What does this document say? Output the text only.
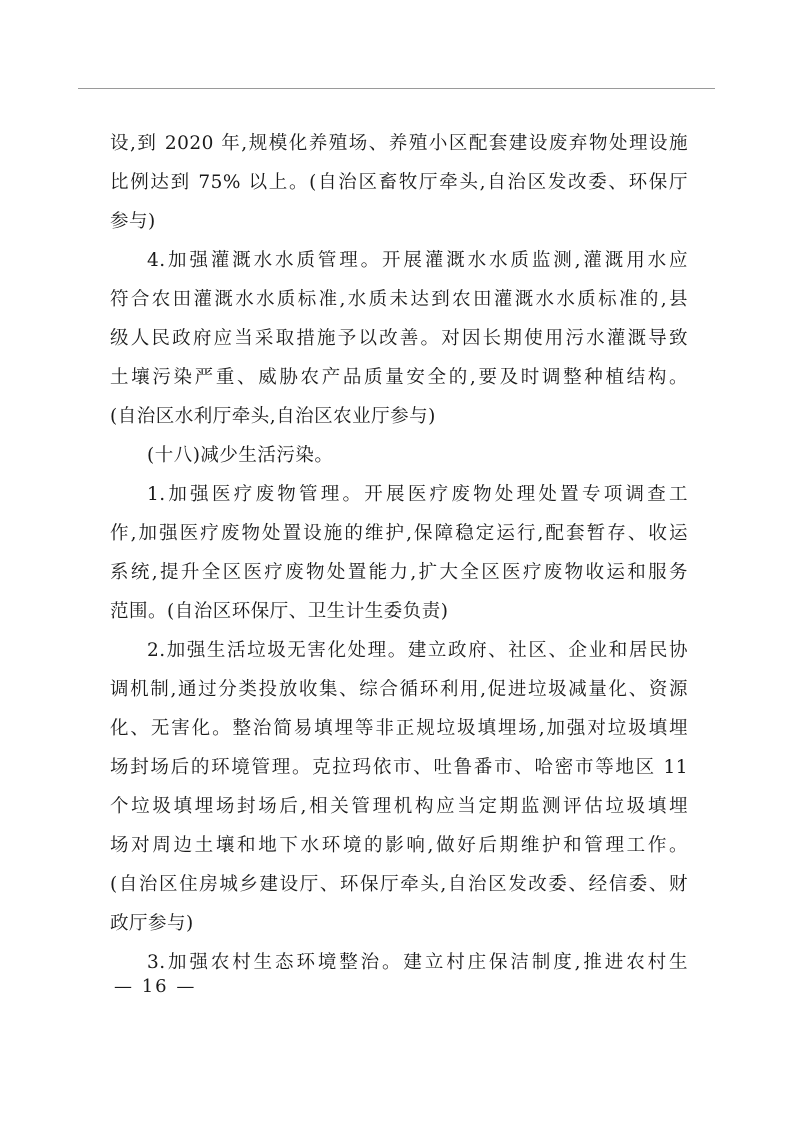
设,到 2020 年,规模化养殖场、养殖小区配套建设废弃物处理设施
比例达到 75% 以上。(自治区畜牧厅牵头,自治区发改委、环保厅
参与)
4.加强灌溉水水质管理。开展灌溉水水质监测,灌溉用水应
符合农田灌溉水水质标准,水质未达到农田灌溉水水质标准的,县
级人民政府应当采取措施予以改善。对因长期使用污水灌溉导致
土壤污染严重、威胁农产品质量安全的,要及时调整种植结构。
(自治区水利厅牵头,自治区农业厅参与)
(十八)减少生活污染。
1.加强医疗废物管理。开展医疗废物处理处置专项调查工
作,加强医疗废物处置设施的维护,保障稳定运行,配套暂存、收运
系统,提升全区医疗废物处置能力,扩大全区医疗废物收运和服务
范围。(自治区环保厅、卫生计生委负责)
2.加强生活垃圾无害化处理。建立政府、社区、企业和居民协
调机制,通过分类投放收集、综合循环利用,促进垃圾减量化、资源
化、无害化。整治简易填埋等非正规垃圾填埋场,加强对垃圾填埋
场封场后的环境管理。克拉玛依市、吐鲁番市、哈密市等地区 11
个垃圾填埋场封场后,相关管理机构应当定期监测评估垃圾填埋
场对周边土壤和地下水环境的影响,做好后期维护和管理工作。
(自治区住房城乡建设厅、环保厅牵头,自治区发改委、经信委、财
政厅参与)
3.加强农村生态环境整治。建立村庄保洁制度,推进农村生
— 16 —
